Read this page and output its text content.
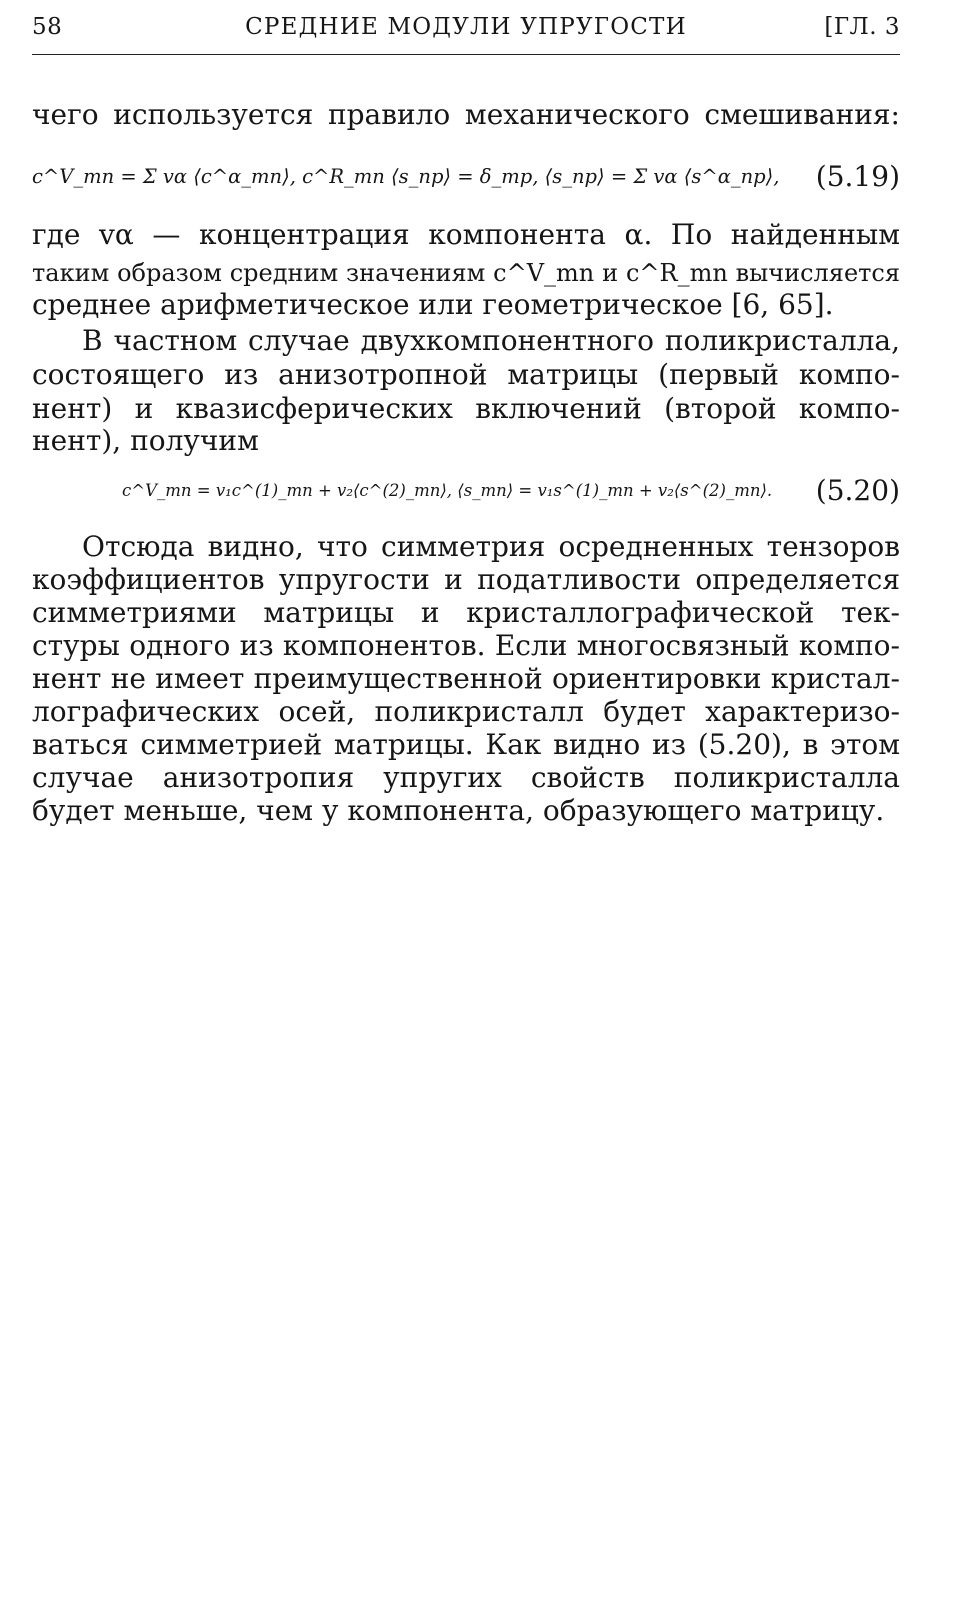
58	СРЕДНИЕ МОДУЛИ УПРУГОСТИ	[ГЛ. 3
чего используется правило механического смешивания:
c^V_mn = Σ vα ⟨c^α_mn⟩, c^R_mn ⟨s_np⟩ = δ_mp, ⟨s_np⟩ = Σ vα ⟨s^α_np⟩, (5.19)
где vα — концентрация компонента α. По найденным
таким образом средним значениям c^V_mn и c^R_mn вычисляется
среднее арифметическое или геометрическое [6, 65].
В частном случае двухкомпонентного поликристалла,
состоящего из анизотропной матрицы (первый компо-
нент) и квазисферических включений (второй компо-
нент), получим
c^V_mn = v₁c^(1)_mn + v₂⟨c^(2)_mn⟩, ⟨s_mn⟩ = v₁s^(1)_mn + v₂⟨s^(2)_mn⟩. (5.20)
Отсюда видно, что симметрия осредненных тензоров
коэффициентов упругости и податливости определяется
симметриями матрицы и кристаллографической тек-
стуры одного из компонентов. Если многосвязный компо-
нент не имеет преимущественной ориентировки кристал-
лографических осей, поликристалл будет характеризо-
ваться симметрией матрицы. Как видно из (5.20), в этом
случае анизотропия упругих свойств поликристалла
будет меньше, чем у компонента, образующего матрицу.
